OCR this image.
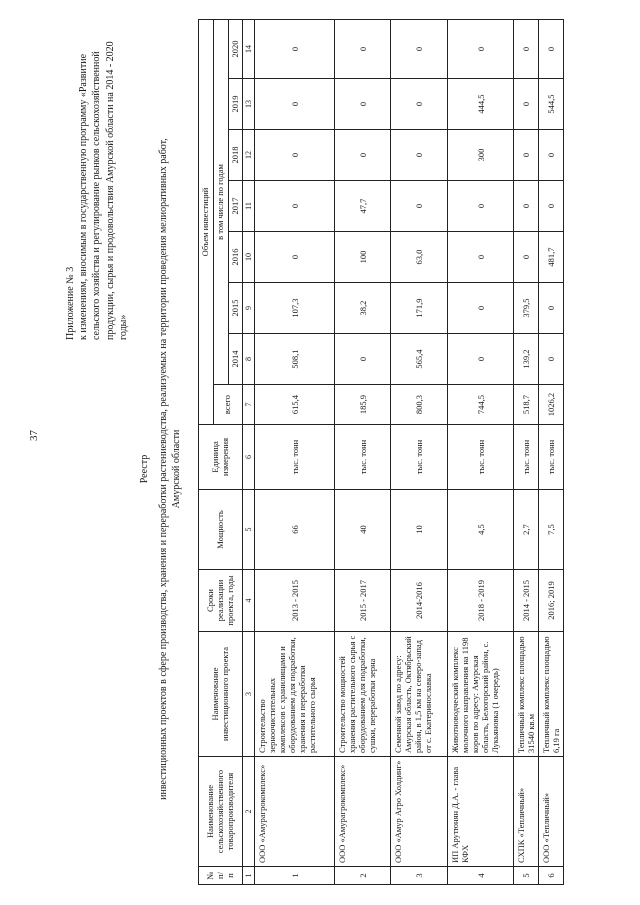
37
Приложение № 3 к изменениям, вносимым в государственную программу «Развитие сельского хозяйства и регулирование рынков сельскохозяйственной продукции, сырья и продовольствия Амурской области на 2014 - 2020 годы»
Реестр инвестиционных проектов в сфере производства, хранения и переработки растениеводства, реализуемых на территории проведения мелиоративных работ, Амурской области
№ п/п	Наименование сельскохозяйственного товаропроизводителя	Наименование инвестиционного проекта	Сроки реализации проекта, годы	Мощность	Единица измерения	Объем инвестиций							
						всего	в том числе по годам						
							2014	2015	2016	2017	2018	2019	2020
1	2	3	4	5	6	7	8	9	10	11	12	13	14
1	ООО «Амурагрокомплекс»	Строительство зерноочистительных комплексов с хранилищами и оборудованием для подработки, хранения и переработки растительного сырья	2013 - 2015	66	тыс. тонн	615,4	508,1	107,3	0	0	0	0	0
2	ООО «Амурагрокомплекс»	Строительство мощностей хранения растительного сырья с оборудованием для подработки, сушки, переработки зерна	2015 - 2017	40	тыс. тонн	185,9	0	38,2	100	47,7	0	0	0
3	ООО «Амур Агро Холдинг»	Семенной завод по адресу: Амурская область, Октябрьский район, в 1,5 км на северо-запад от с. Екатеринославка	2014-2016	10	тыс. тонн	800,3	565,4	171,9	63,0	0	0	0	0
4	ИП Арутюнян Д.А. - глава КФХ	Животноводческий комплекс молочного направления на 1198 коров по адресу: Амурская область, Белогорский район, с. Лукьяновка (1 очередь)	2018 - 2019	4,5	тыс. тонн	744,5	0	0	0	0	300	444,5	0
5	СХПК «Тепличный»	Тепличный комплекс площадью 31540 кв.м	2014 - 2015	2,7	тыс. тонн	518,7	139,2	379,5	0	0	0	0	0
6	ООО «Тепличный»	Тепличный комплекс площадью 6,19 га	2016; 2019	7,5	тыс. тонн	1026,2	0	0	481,7	0	0	544,5	0
